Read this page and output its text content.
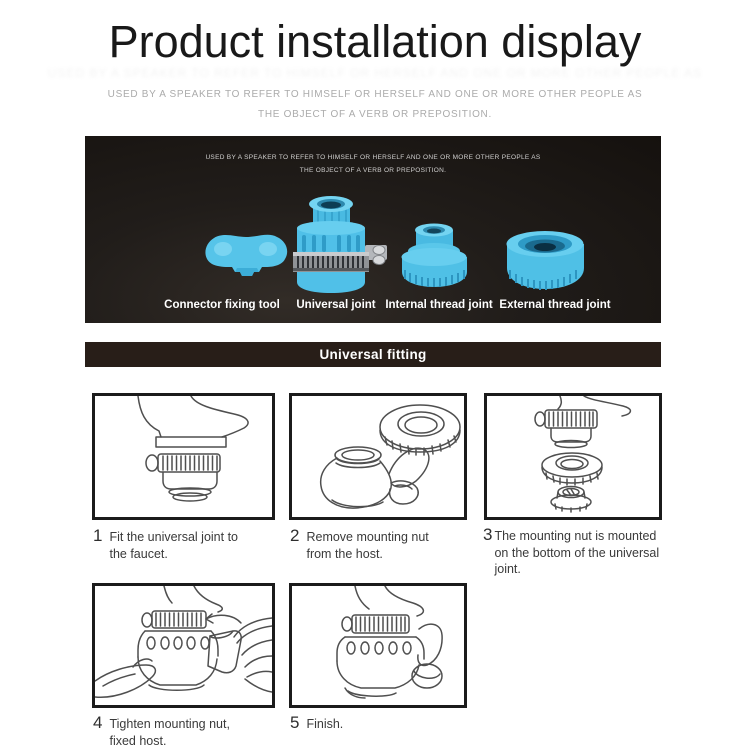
Product installation display
USED BY A SPEAKER TO REFER TO HIMSELF OR HERSELF AND ONE OR MORE OTHER PEOPLE AS
USED BY A SPEAKER TO REFER TO HIMSELF OR HERSELF AND ONE OR MORE OTHER PEOPLE AS
THE OBJECT OF A VERB OR PREPOSITION.
USED BY A SPEAKER TO REFER TO HIMSELF OR HERSELF AND ONE OR MORE OTHER PEOPLE AS
THE OBJECT OF A VERB OR PREPOSITION.
Connector fixing tool Universal joint Internal thread joint External thread joint
Universal fitting
1 Fit the universal joint to the faucet.
2 Remove mounting nut from the host.
3 The mounting nut is mounted on the bottom of the universal joint.
4 Tighten mounting nut, fixed host.
5 Finish.
